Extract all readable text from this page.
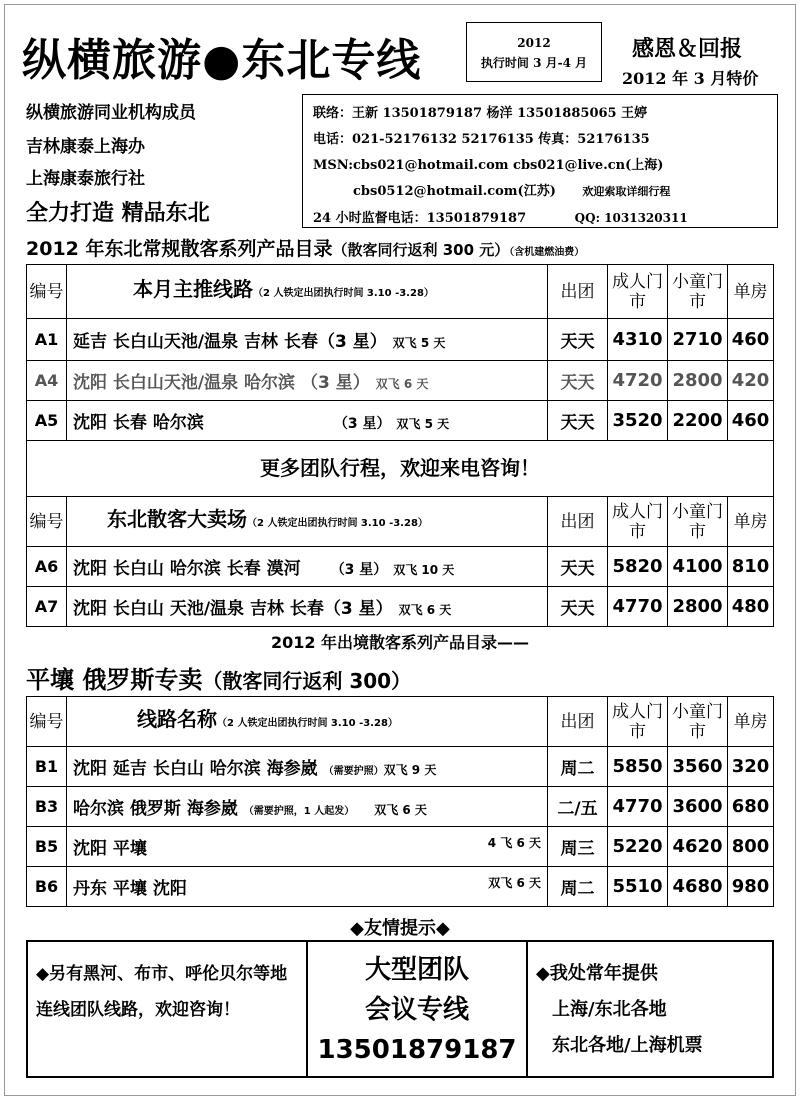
纵横旅游●东北专线	2012
执行时间 3 月-4 月
感恩＆回报
2012 年 3 月特价
纵横旅游同业机构成员
吉林康泰上海办
上海康泰旅行社
全力打造 精品东北
联络：王新 13501879187 杨洋 13501885065 王婷
电话：021-52176132 52176135 传真：52176135
MSN:cbs021@hotmail.com cbs021@live.cn(上海)
cbs0512@hotmail.com(江苏) 欢迎索取详细行程
24 小时监督电话：13501879187	QQ: 1031320311
2012 年东北常规散客系列产品目录（散客同行返利 300 元）（含机建燃油费）
编号	本月主推线路（2 人铁定出团执行时间 3.10 -3.28）	出团	成人门市	小童门市	单房
A1	延吉 长白山天池/温泉 吉林 长春（3 星） 双飞 5 天	天天	4310	2710	460
A4	沈阳 长白山天池/温泉 哈尔滨 （3 星） 双飞 6 天	天天	4720	2800	420
A5	沈阳 长春 哈尔滨 （3 星） 双飞 5 天	天天	3520	2200	460
更多团队行程，欢迎来电咨询！
编号	东北散客大卖场（2 人铁定出团执行时间 3.10 -3.28）	出团	成人门市	小童门市	单房
A6	沈阳 长白山 哈尔滨 长春 漠河 （3 星） 双飞 10 天	天天	5820	4100	810
A7	沈阳 长白山 天池/温泉 吉林 长春（3 星） 双飞 6 天	天天	4770	2800	480
2012 年出境散客系列产品目录——
平壤 俄罗斯专卖（散客同行返利 300）
编号	线路名称（2 人铁定出团执行时间 3.10 -3.28）	出团	成人门市	小童门市	单房
B1	沈阳 延吉 长白山 哈尔滨 海参崴 （需要护照）双飞 9 天	周二	5850	3560	320
B3	哈尔滨 俄罗斯 海参崴 （需要护照，1 人起发） 双飞 6 天	二/五	4770	3600	680
B5	沈阳 平壤 4 飞 6 天	周三	5220	4620	800
B6	丹东 平壤 沈阳 双飞 6 天	周二	5510	4680	980
◆友情提示◆
◆另有黑河、布市、呼伦贝尔等地连线团队线路，欢迎咨询！
大型团队
会议专线
13501879187
◆我处常年提供
上海/东北各地
东北各地/上海机票
